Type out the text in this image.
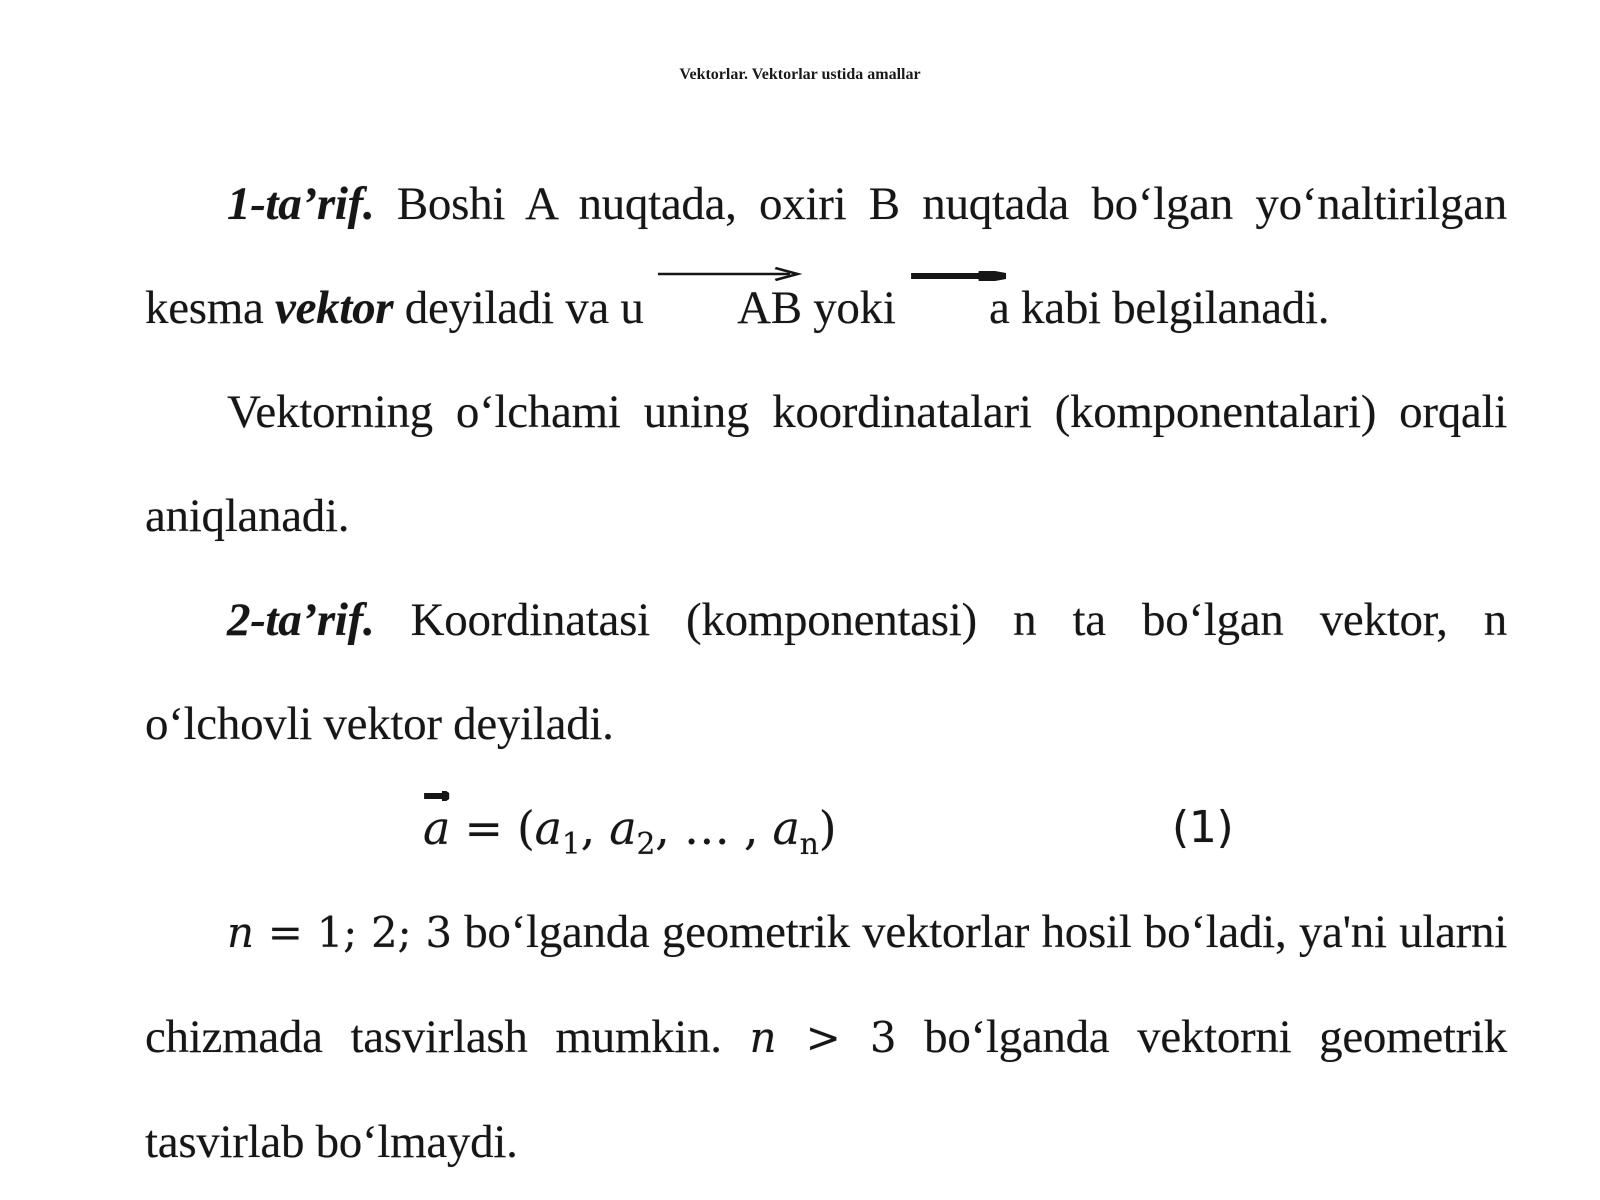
Vektorlar. Vektorlar ustida amallar

1-ta’rif. Boshi A nuqtada, oxiri B nuqtada bo‘lgan yo‘naltirilgan kesma vektor deyiladi va u
AB yoki
a kabi belgilanadi.

Vektorning o‘lchami uning koordinatalari (komponentalari) orqali aniqlanadi.

2-ta’rif. Koordinatasi (komponentasi) n ta bo‘lgan vektor, n o‘lchovli vektor deyiladi.

$a = (a_1$, $a_2$, … , $a_n$)	(1)

n = 1; 2; 3 bo‘lganda geometrik vektorlar hosil bo‘ladi, ya'ni ularni chizmada tasvirlash mumkin. n > 3 bo‘lganda vektorni geometrik tasvirlab bo‘lmaydi.
